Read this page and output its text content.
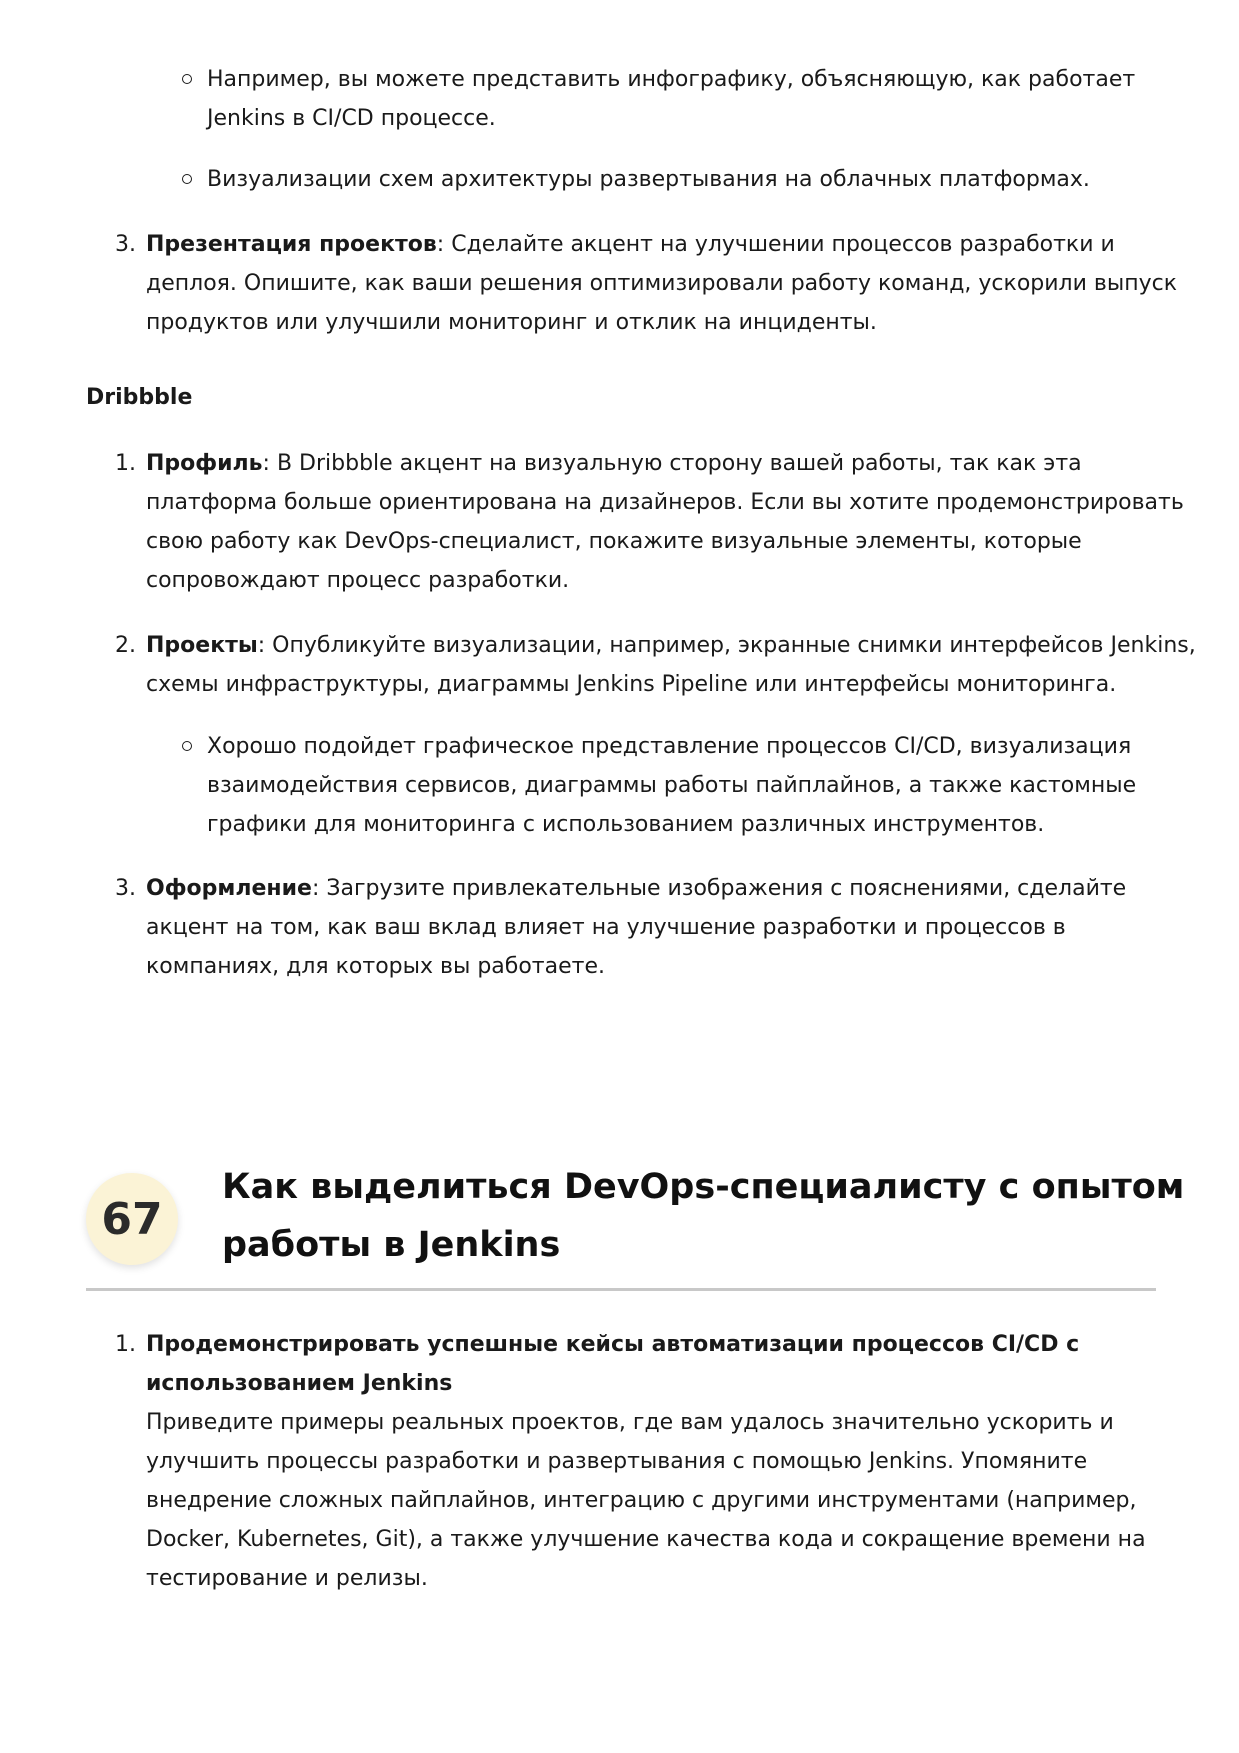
Например, вы можете представить инфографику, объясняющую, как работает
Jenkins в CI/CD процессе.
Визуализации схем архитектуры развертывания на облачных платформах.
3. Презентация проектов: Сделайте акцент на улучшении процессов разработки и
деплоя. Опишите, как ваши решения оптимизировали работу команд, ускорили выпуск
продуктов или улучшили мониторинг и отклик на инциденты.
Dribbble
1. Профиль: В Dribbble акцент на визуальную сторону вашей работы, так как эта
платформа больше ориентирована на дизайнеров. Если вы хотите продемонстрировать
свою работу как DevOps-специалист, покажите визуальные элементы, которые
сопровождают процесс разработки.
2. Проекты: Опубликуйте визуализации, например, экранные снимки интерфейсов Jenkins,
схемы инфраструктуры, диаграммы Jenkins Pipeline или интерфейсы мониторинга.
Хорошо подойдет графическое представление процессов CI/CD, визуализация
взаимодействия сервисов, диаграммы работы пайплайнов, а также кастомные
графики для мониторинга с использованием различных инструментов.
3. Оформление: Загрузите привлекательные изображения с пояснениями, сделайте
акцент на том, как ваш вклад влияет на улучшение разработки и процессов в
компаниях, для которых вы работаете.
67
Как выделиться DevOps-специалисту с опытом
работы в Jenkins
1. Продемонстрировать успешные кейсы автоматизации процессов CI/CD с
использованием Jenkins
Приведите примеры реальных проектов, где вам удалось значительно ускорить и
улучшить процессы разработки и развертывания с помощью Jenkins. Упомяните
внедрение сложных пайплайнов, интеграцию с другими инструментами (например,
Docker, Kubernetes, Git), а также улучшение качества кода и сокращение времени на
тестирование и релизы.
